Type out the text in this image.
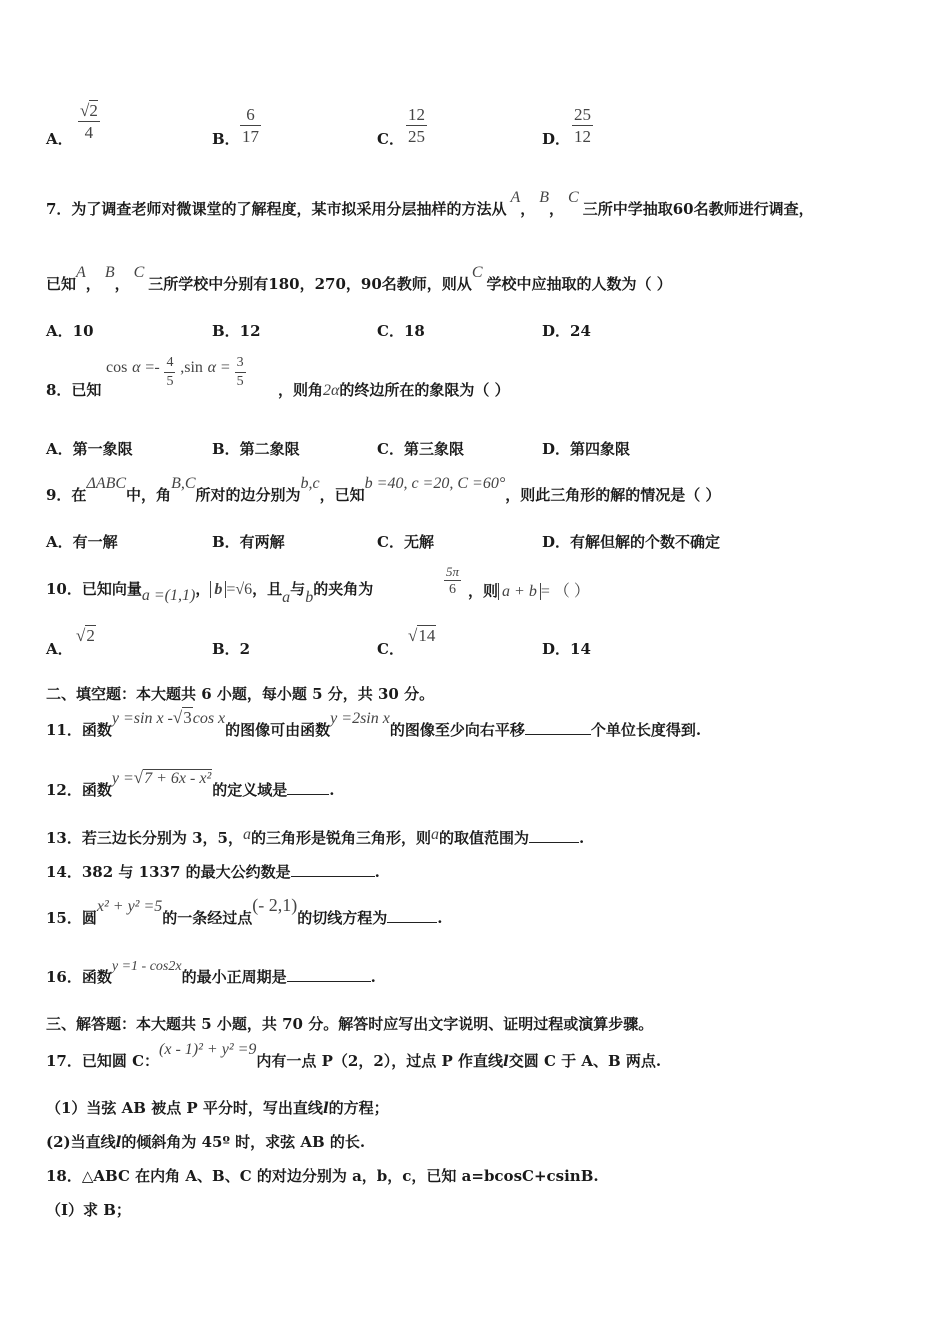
A． $\frac{√2}{4}$	B． $\frac{6}{17}$	C． $\frac{12}{25}$	D． $\frac{25}{12}$
7．为了调查老师对微课堂的了解程度，某市拟采用分层抽样的方法从 A， B， C 三所中学抽取60名教师进行调查，
已知A， B， C 三所学校中分别有180，270，90名教师，则从C 学校中应抽取的人数为（ ）
A．10	B．12	C．18	D．24
8．已知
$\cos \alpha =- \frac{4}{5} ,\sin$ $\alpha = \frac{3}{5}$ ，则角2α的终边所在的象限为（ ）
A．第一象限	B．第二象限	C．第三象限	D．第四象限
9．在ΔABC中，角B,C所对的边分别为b,c，已知b =40, c =20, C =60°，则此三角形的解的情况是（ ）
A．有一解	B．有两解	C．无解	D．有解但解的个数不确定
10．已知向量a =(1,1)， b =√6，且a与b的夹角为	$\frac{5\pi}{6}$ ，则 a + b = （ ）
A．
√2
B．2	C．
√14
D．14
二、填空题：本大题共 6 小题，每小题 5 分，共 30 分。
11．函数y =sin x -√3cos x的图像可由函数y =2sin x的图像至少向右平移	个单位长度得到.
12．函数y =√7 + 6x - x²的定义域是	.
13．若三边长分别为 3，5，a的三角形是锐角三角形，则a的取值范围为	.
14．382 与 1337 的最大公约数是	.
15．圆x² + y² =5的一条经过点(- 2,1)的切线方程为	.
16．函数y =1 - cos2x的最小正周期是	.
三、解答题：本大题共 5 小题，共 70 分。解答时应写出文字说明、证明过程或演算步骤。
17．已知圆 C：(x - 1)² + y² =9内有一点 P（2，2），过点 P 作直线l交圆 C 于 A、B 两点.
（1）当弦 AB 被点 P 平分时，写出直线l的方程；
(2)当直线l的倾斜角为 45º 时，求弦 AB 的长.
18．△ABC 在内角 A、B、C 的对边分别为 a，b，c，已知 a=bcosC+csinB.
（Ⅰ）求 B；
